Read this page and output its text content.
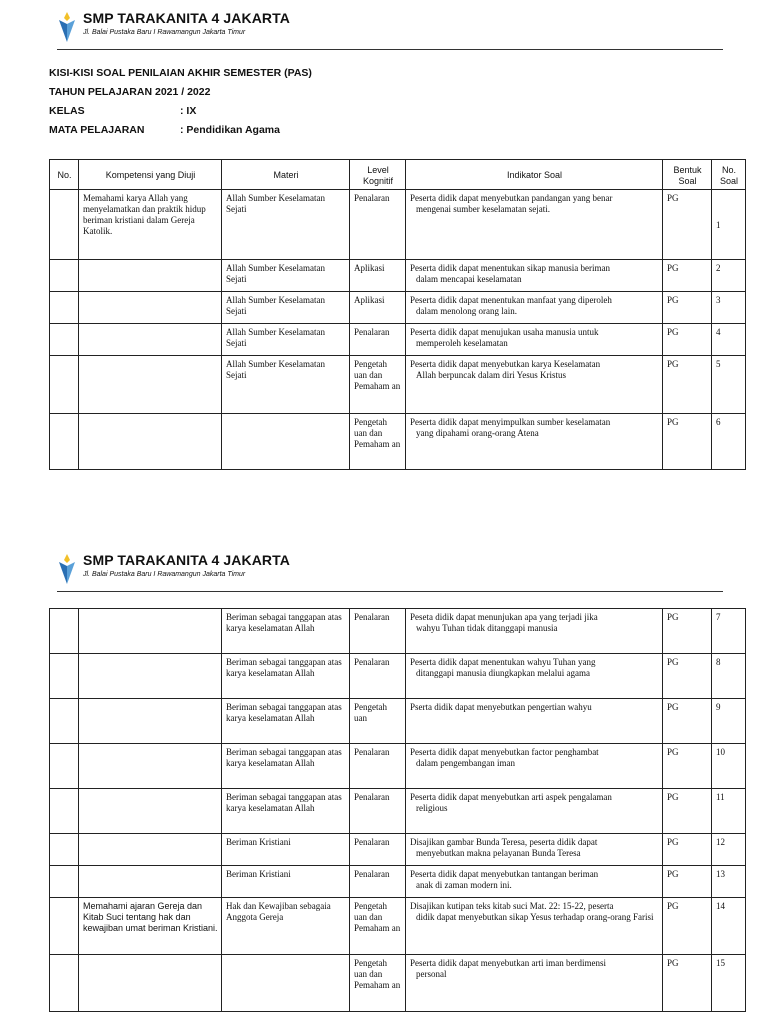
SMP TARAKANITA 4 JAKARTA
Jl. Balai Pustaka Baru I Rawamangun Jakarta Timur
KISI-KISI SOAL PENILAIAN AKHIR SEMESTER (PAS)
TAHUN PELAJARAN 2021 / 2022
KELAS	: IX
MATA PELAJARAN	: Pendidikan Agama
No.	Kompetensi yang Diuji	Materi	Level Kognitif	Indikator Soal	Bentuk Soal	No. Soal
	Memahami karya Allah yang menyelamatkan dan praktik hidup beriman kristiani dalam Gereja Katolik.	Allah Sumber Keselamatan Sejati	Penalaran	Peserta didik dapat menyebutkan pandangan yang benar
mengenai sumber keselamatan sejati.	PG	1
		Allah Sumber Keselamatan Sejati	Aplikasi	Peserta didik dapat menentukan sikap manusia beriman
dalam mencapai keselamatan	PG	2
		Allah Sumber Keselamatan Sejati	Aplikasi	Peserta didik dapat menentukan manfaat yang diperoleh
dalam menolong orang lain.	PG	3
		Allah Sumber Keselamatan Sejati	Penalaran	Peserta didik dapat menujukan usaha manusia untuk
memperoleh keselamatan	PG	4
		Allah Sumber Keselamatan Sejati	Pengetah uan dan Pemaham an	Peserta didik dapat menyebutkan karya Keselamatan
Allah berpuncak dalam diri Yesus Kristus	PG	5
			Pengetah uan dan Pemaham an	Peserta didik dapat menyimpulkan sumber keselamatan
yang dipahami orang-orang Atena	PG	6
SMP TARAKANITA 4 JAKARTA
Jl. Balai Pustaka Baru I Rawamangun Jakarta Timur
		Beriman sebagai tanggapan atas karya keselamatan Allah	Penalaran	Peseta didik dapat menunjukan apa yang terjadi jika
wahyu Tuhan tidak ditanggapi manusia	PG	7
		Beriman sebagai tanggapan atas karya keselamatan Allah	Penalaran	Peserta didik dapat menentukan wahyu Tuhan yang
ditanggapi manusia diungkapkan melalui agama	PG	8
		Beriman sebagai tanggapan atas karya keselamatan Allah	Pengetah uan	Pserta didik dapat menyebutkan pengertian wahyu	PG	9
		Beriman sebagai tanggapan atas karya keselamatan Allah	Penalaran	Peserta didik dapat menyebutkan factor penghambat
dalam pengembangan iman	PG	10
		Beriman sebagai tanggapan atas karya keselamatan Allah	Penalaran	Peserta didik dapat menyebutkan arti aspek pengalaman
religious	PG	11
		Beriman Kristiani	Penalaran	Disajikan gambar Bunda Teresa, peserta didik dapat
menyebutkan makna pelayanan Bunda Teresa	PG	12
		Beriman Kristiani	Penalaran	Peserta didik dapat menyebutkan tantangan beriman
anak di zaman modern ini.	PG	13
	Memahami ajaran Gereja dan Kitab Suci tentang hak dan kewajiban umat beriman Kristiani.	Hak dan Kewajiban sebagaia Anggota Gereja	Pengetah uan dan Pemaham an	Disajikan kutipan teks kitab suci Mat. 22: 15-22, peserta
didik dapat menyebutkan sikap Yesus terhadap orang-orang Farisi	PG	14
			Pengetah uan dan Pemaham an	Peserta didik dapat menyebutkan arti iman berdimensi
personal	PG	15
